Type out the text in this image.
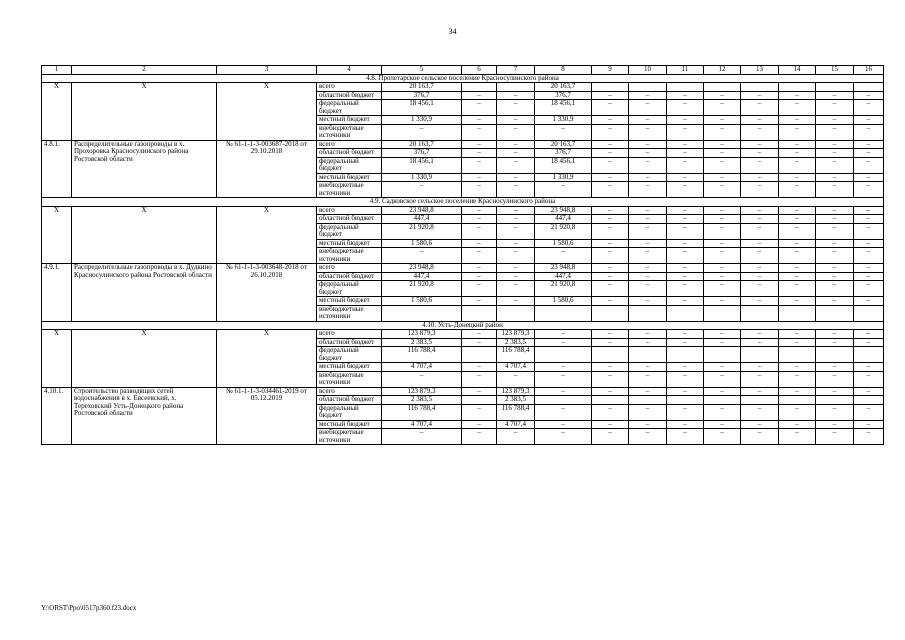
34
1	2	3	4	5	6	7	8	9	10	11	12	13	14	15	16
4.8. Пролетарское сельское поселение Красносулинского района															
Х	Х	Х	всего	20 163,7			20 163,7								
			областной бюджет	376,7	–	–	376,7	–	–	–	–	–	–	–	–
			федеральный бюджет	18 456,1	–	–	18 456,1	–	–	–	–	–	–	–	–
			местный бюджет	1 330,9	–	–	1 330,9	–	–	–	–	–	–	–	–
			внебюджетные источники	–	–	–	–	–	–	–	–	–	–	–	–
4.8.1.	Распределительные газопроводы в х. Прохоровка Красносулинского района Ростовской области	№ 61-1-1-3-003687-2018 от 29.10.2018	всего	20 163,7	–	–	20 163,7	–	–	–	–	–	–	–	–
			областной бюджет	376,7	–	–	376,7	–	–	–	–	–	–	–	–
			федеральный бюджет	18 456,1	–	–	18 456,1	–	–	–	–	–	–	–	–
			местный бюджет	1 330,9	–	–	1 330,9	–	–	–	–	–	–	–	–
			внебюджетные источники	–	–	–	–	–	–	–	–	–	–	–	–
4.9. Садковское сельское поселение Красносулинского района															
Х	Х	Х	всего	23 948,8	–	–	23 948,8	–	–	–	–	–	–	–	–
			областной бюджет	447,4	–	–	447,4	–	–	–	–	–	–	–	–
			федеральный бюджет	21 920,8	–	–	21 920,8	–	–	–	–	–	–	–	–
			местный бюджет	1 580,6	–	–	1 580,6	–	–	–	–	–	–	–	–
			внебюджетные источники	–	–	–	–	–	–	–	–	–	–	–	–
4.9.1.	Распределительные газопроводы в х. Дудкино Красносулинского района Ростовской области	№ 61-1-1-3-003648-2018 от 26.10.2018	всего	23 948,8	–	–	23 948,8	–	–	–	–	–	–	–	–
			областной бюджет	447,4	–	–	447,4	–	–	–	–	–	–	–	–
			федеральный бюджет	21 920,8	–	–	21 920,8	–	–	–	–	–	–	–	–
			местный бюджет	1 580,6	–	–	1 580,6	–	–	–	–	–	–	–	–
			внебюджетные источники												
4.10. Усть-Донецкий район															
Х	Х	Х	всего	123 879,3	–	123 879,3	–	–	–	–	–	–	–	–	–
			областной бюджет	2 383,5	–	2 383,5	–	–	–	–	–	–	–	–	–
			федеральный бюджет	116 788,4		116 788,4									
			местный бюджет	4 707,4	–	4 707,4	–	–	–	–	–	–	–	–	–
			внебюджетные источники	–	–	–	–	–	–	–	–	–	–	–	–
4.10.1.	Строительство разводящих сетей водоснабжения в х. Евсеевский, х. Тереховский Усть-Донецкого района Ростовской области	№ 61-1-1-3-034461-2019 от 05.12.2019	всего	123 879,3	–	123 879,3	–	–	–	–	–	–	–	–	–
			областной бюджет	2 383,5		2 383,5									
			федеральный бюджет	116 788,4	–	116 788,4	–	–	–	–	–	–	–	–	–
			местный бюджет	4 707,4	–	4 707,4	–	–	–	–	–	–	–	–	–
			внебюджетные источники	–	–	–	–	–	–	–	–	–	–	–	–
Y:\ORST\Ppo\0517p360.f23.docx
